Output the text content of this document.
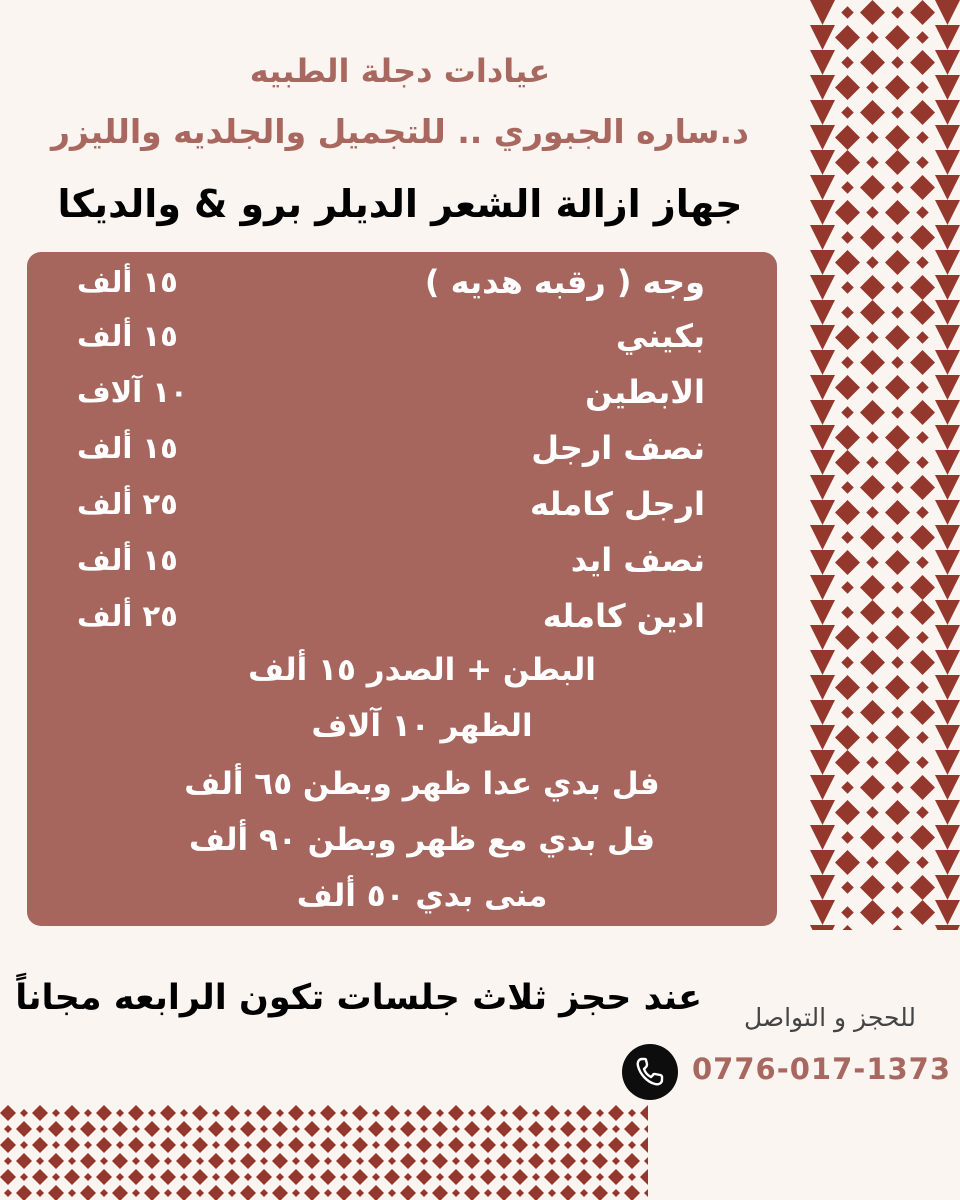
عيادات دجلة الطبيه
د.ساره الجبوري .. للتجميل والجلديه والليزر
جهاز ازالة الشعر الديلر برو & والديكا
وجه ( رقبه هديه )
١٥ ألف
بكيني
١٥ ألف
الابطين
١٠ آلاف
نصف ارجل
١٥ ألف
ارجل كامله
٢٥ ألف
نصف ايد
١٥ ألف
ادين كامله
٢٥ ألف
البطن + الصدر ١٥ ألف
الظهر ١٠ آلاف
فل بدي عدا ظهر وبطن ٦٥ ألف
فل بدي مع ظهر وبطن ٩٠ ألف
منى بدي ٥٠ ألف
عند حجز ثلاث جلسات تكون الرابعه مجاناً للحجز و التواصل
0776-017-1373
